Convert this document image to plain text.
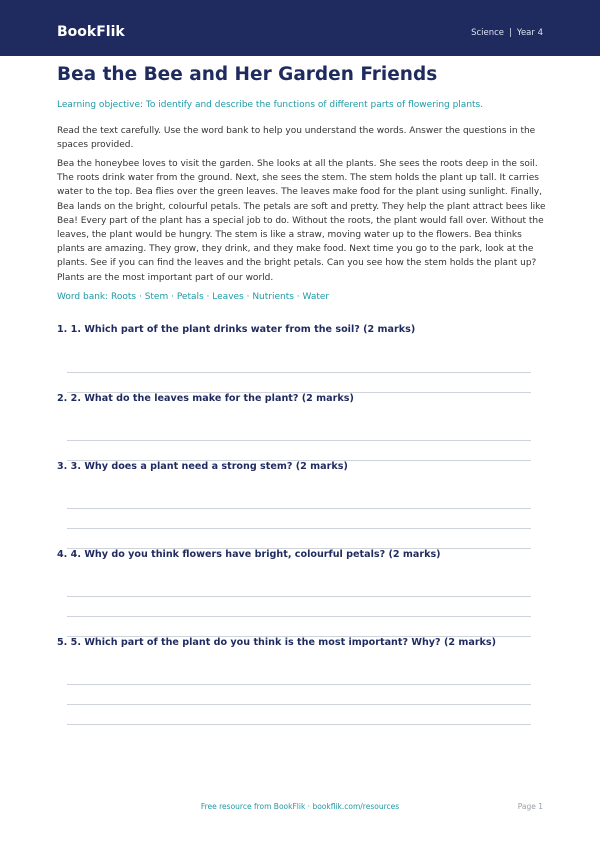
BookFlik	Science | Year 4
Bea the Bee and Her Garden Friends
Learning objective: To identify and describe the functions of different parts of flowering plants.

Read the text carefully. Use the word bank to help you understand the words. Answer the questions in the spaces provided.

Bea the honeybee loves to visit the garden. She looks at all the plants. She sees the roots deep in the soil. The roots drink water from the ground. Next, she sees the stem. The stem holds the plant up tall. It carries water to the top. Bea flies over the green leaves. The leaves make food for the plant using sunlight. Finally, Bea lands on the bright, colourful petals. The petals are soft and pretty. They help the plant attract bees like Bea! Every part of the plant has a special job to do. Without the roots, the plant would fall over. Without the leaves, the plant would be hungry. The stem is like a straw, moving water up to the flowers. Bea thinks plants are amazing. They grow, they drink, and they make food. Next time you go to the park, look at the plants. See if you can find the leaves and the bright petals. Can you see how the stem holds the plant up? Plants are the most important part of our world.

Word bank: Roots · Stem · Petals · Leaves · Nutrients · Water
1. 1. Which part of the plant drinks water from the soil? (2 marks)
2. 2. What do the leaves make for the plant? (2 marks)
3. 3. Why does a plant need a strong stem? (2 marks)
4. 4. Why do you think flowers have bright, colourful petals? (2 marks)
5. 5. Which part of the plant do you think is the most important? Why? (2 marks)
Free resource from BookFlik · bookflik.com/resources	Page 1
